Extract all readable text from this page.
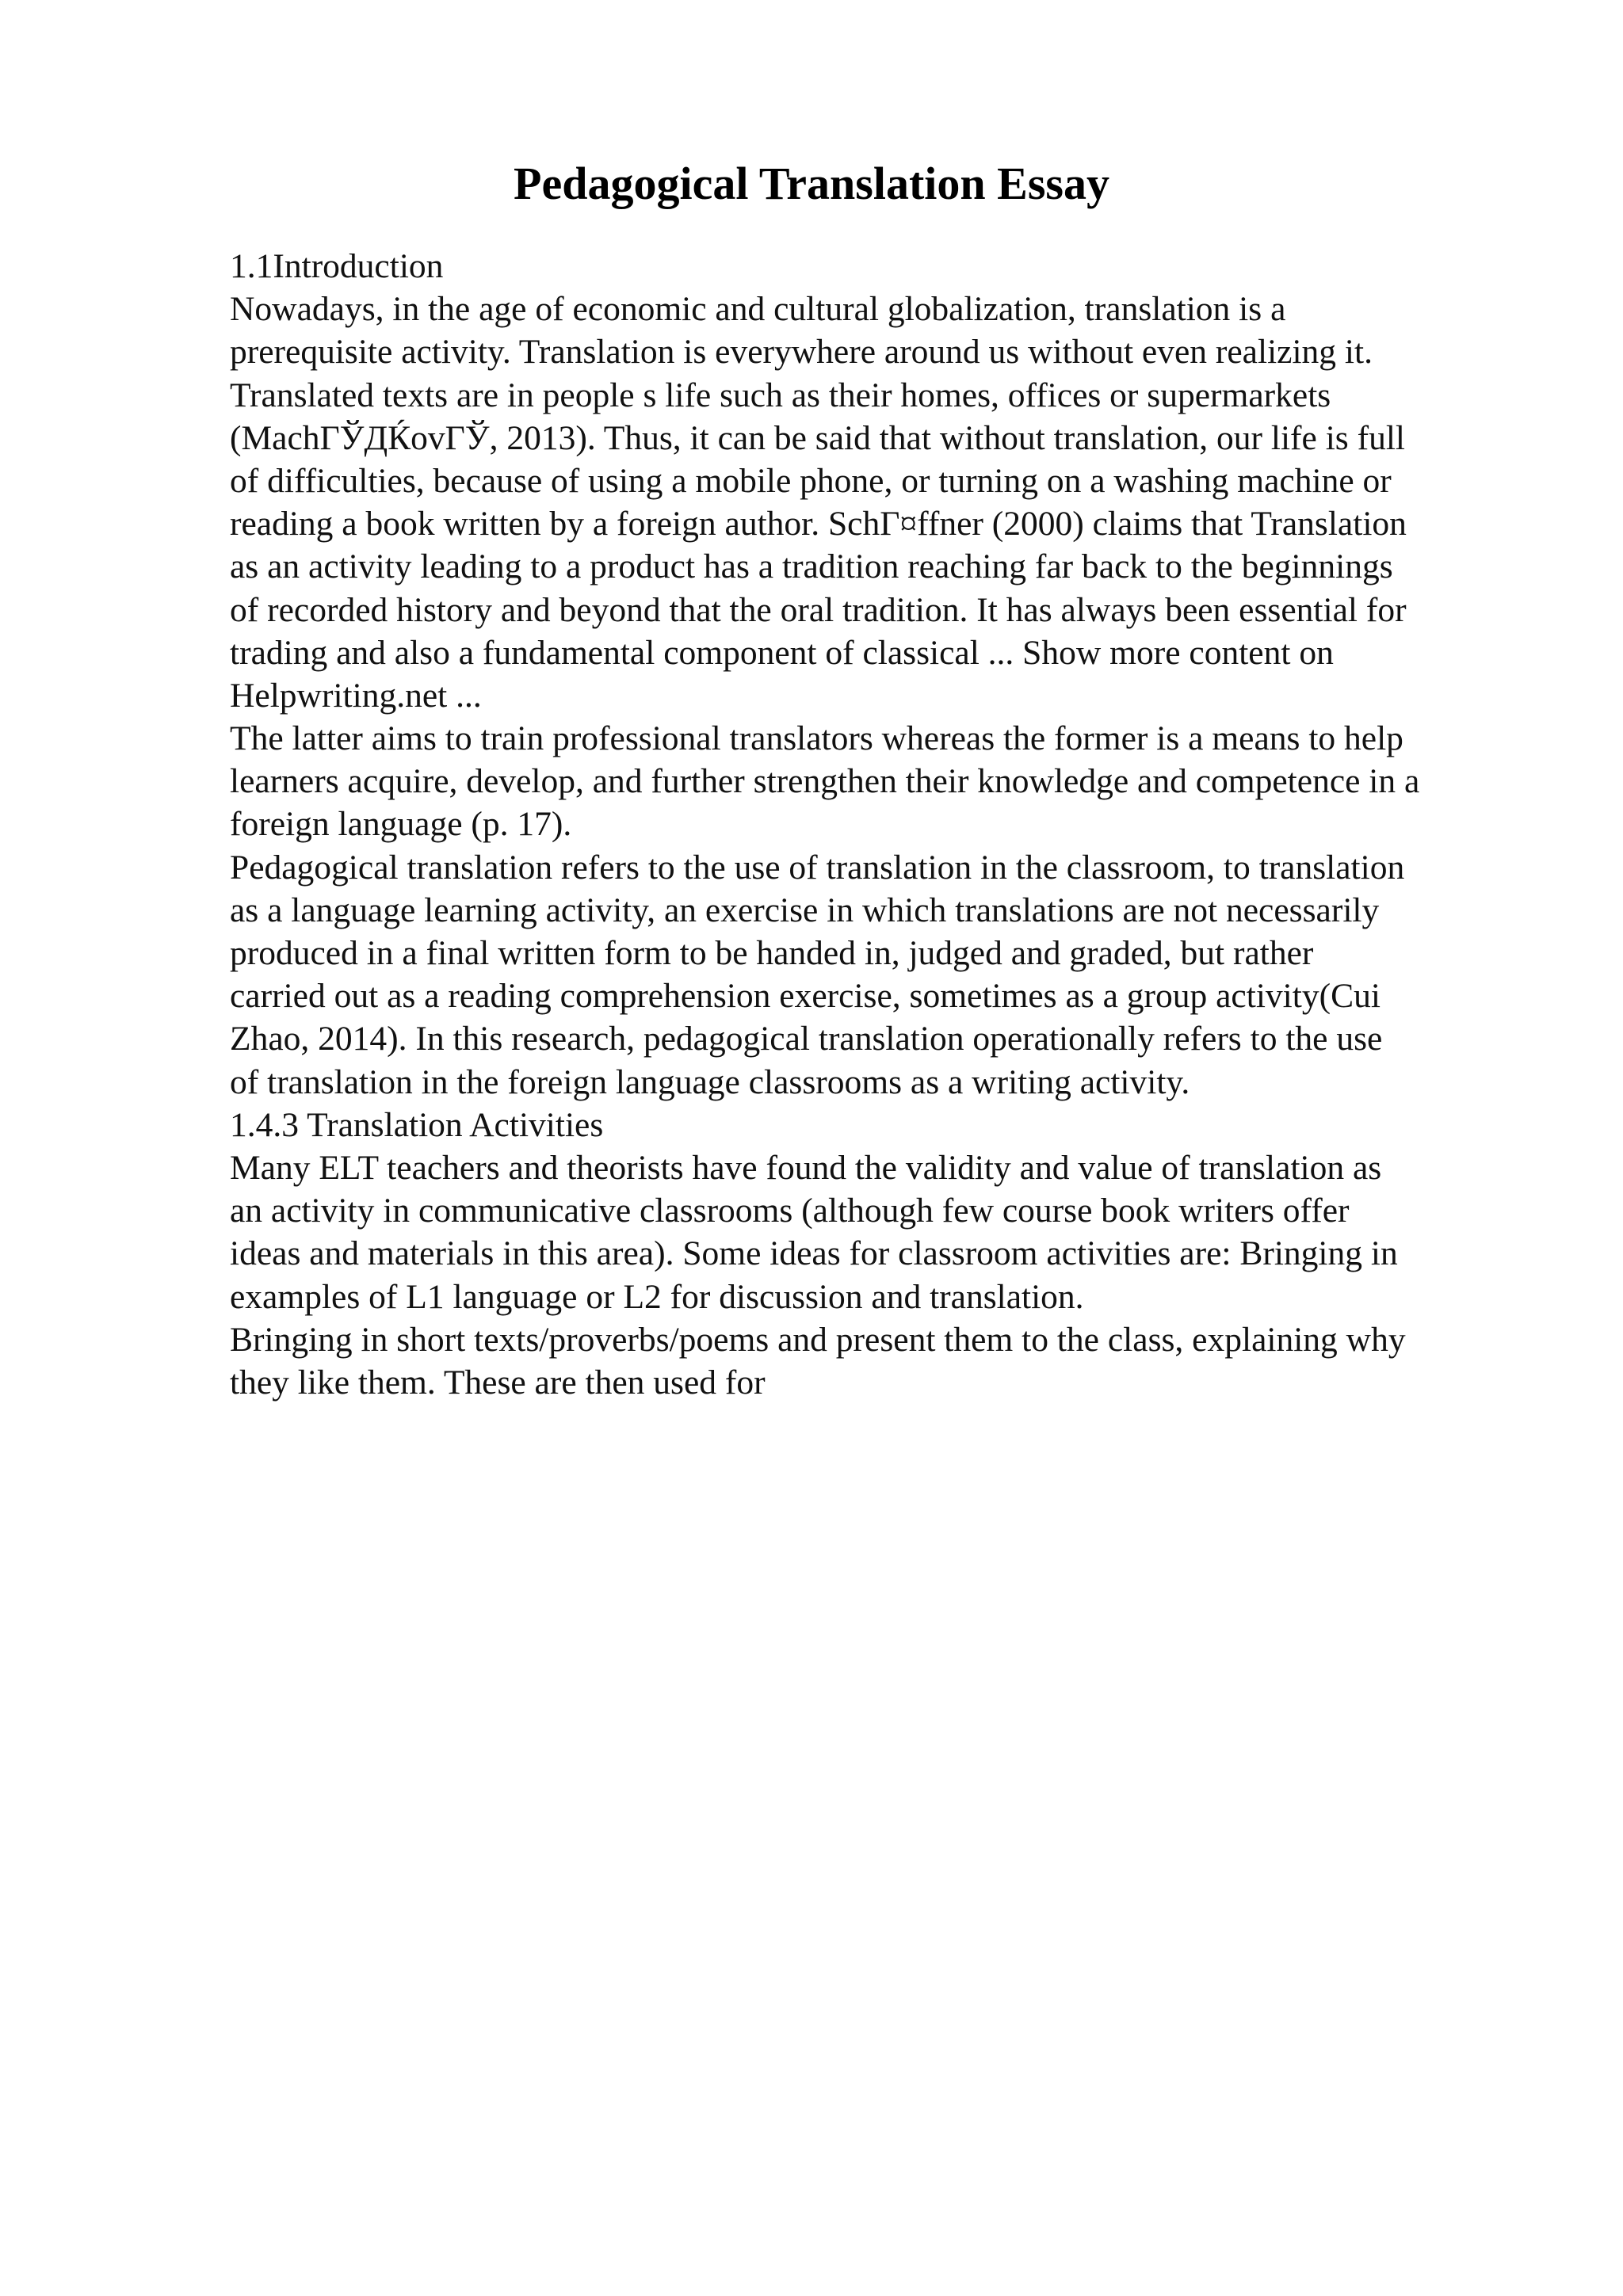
Pedagogical Translation Essay
1.1Introduction
Nowadays, in the age of economic and cultural globalization, translation is a
prerequisite activity. Translation is everywhere around us without even realizing it.
Translated texts are in people s life such as their homes, offices or supermarkets
(MachГЎДЌovГЎ, 2013). Thus, it can be said that without translation, our life is full
of difficulties, because of using a mobile phone, or turning on a washing machine or
reading a book written by a foreign author. SchГ¤ffner (2000) claims that Translation
as an activity leading to a product has a tradition reaching far back to the beginnings
of recorded history and beyond that the oral tradition. It has always been essential for
trading and also a fundamental component of classical ... Show more content on
Helpwriting.net ...
The latter aims to train professional translators whereas the former is a means to help
learners acquire, develop, and further strengthen their knowledge and competence in a
foreign language (p. 17).
Pedagogical translation refers to the use of translation in the classroom, to translation
as a language learning activity, an exercise in which translations are not necessarily
produced in a final written form to be handed in, judged and graded, but rather
carried out as a reading comprehension exercise, sometimes as a group activity(Cui
Zhao, 2014). In this research, pedagogical translation operationally refers to the use
of translation in the foreign language classrooms as a writing activity.
1.4.3 Translation Activities
Many ELT teachers and theorists have found the validity and value of translation as
an activity in communicative classrooms (although few course book writers offer
ideas and materials in this area). Some ideas for classroom activities are: Bringing in
examples of L1 language or L2 for discussion and translation.
Bringing in short texts/proverbs/poems and present them to the class, explaining why
they like them. These are then used for
